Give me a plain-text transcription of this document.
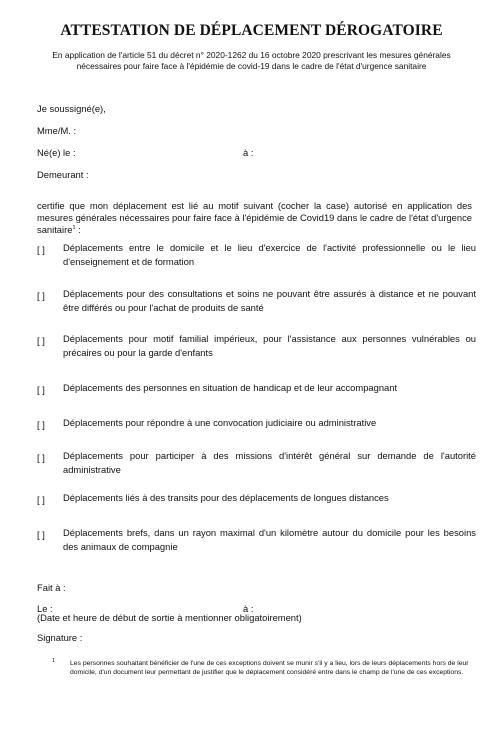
ATTESTATION DE DÉPLACEMENT DÉROGATOIRE
En application de l'article 51 du décret n° 2020-1262 du 16 octobre 2020 prescrivant les mesures générales
nécessaires pour faire face à l'épidémie de covid-19 dans le cadre de l'état d'urgence sanitaire
Je soussigné(e),
Mme/M. :
Né(e) le :	à :
Demeurant :
certifie que mon déplacement est lié au motif suivant (cocher la case) autorisé en application des mesures générales nécessaires pour faire face à l'épidémie de Covid19 dans le cadre de l'état d'urgence sanitaire$^1$ :
[ ] Déplacements entre le domicile et le lieu d'exercice de l'activité professionnelle ou le lieu d'enseignement et de formation
[ ] Déplacements pour des consultations et soins ne pouvant être assurés à distance et ne pouvant être différés ou pour l'achat de produits de santé
[ ] Déplacements pour motif familial impérieux, pour l'assistance aux personnes vulnérables ou précaires ou pour la garde d'enfants
[ ] Déplacements des personnes en situation de handicap et de leur accompagnant
[ ] Déplacements pour répondre à une convocation judiciaire ou administrative
[ ] Déplacements pour participer à des missions d'intérêt général sur demande de l'autorité administrative
[ ] Déplacements liés à des transits pour des déplacements de longues distances
[ ] Déplacements brefs, dans un rayon maximal d'un kilomètre autour du domicile pour les besoins des animaux de compagnie
Fait à :
Le :	à :
(Date et heure de début de sortie à mentionner obligatoirement)
Signature :
1 Les personnes souhaitant bénéficier de l'une de ces exceptions doivent se munir s'il y a lieu, lors de leurs déplacements hors de leur domicile, d'un document leur permettant de justifier que le déplacement considéré entre dans le champ de l'une de ces exceptions.
